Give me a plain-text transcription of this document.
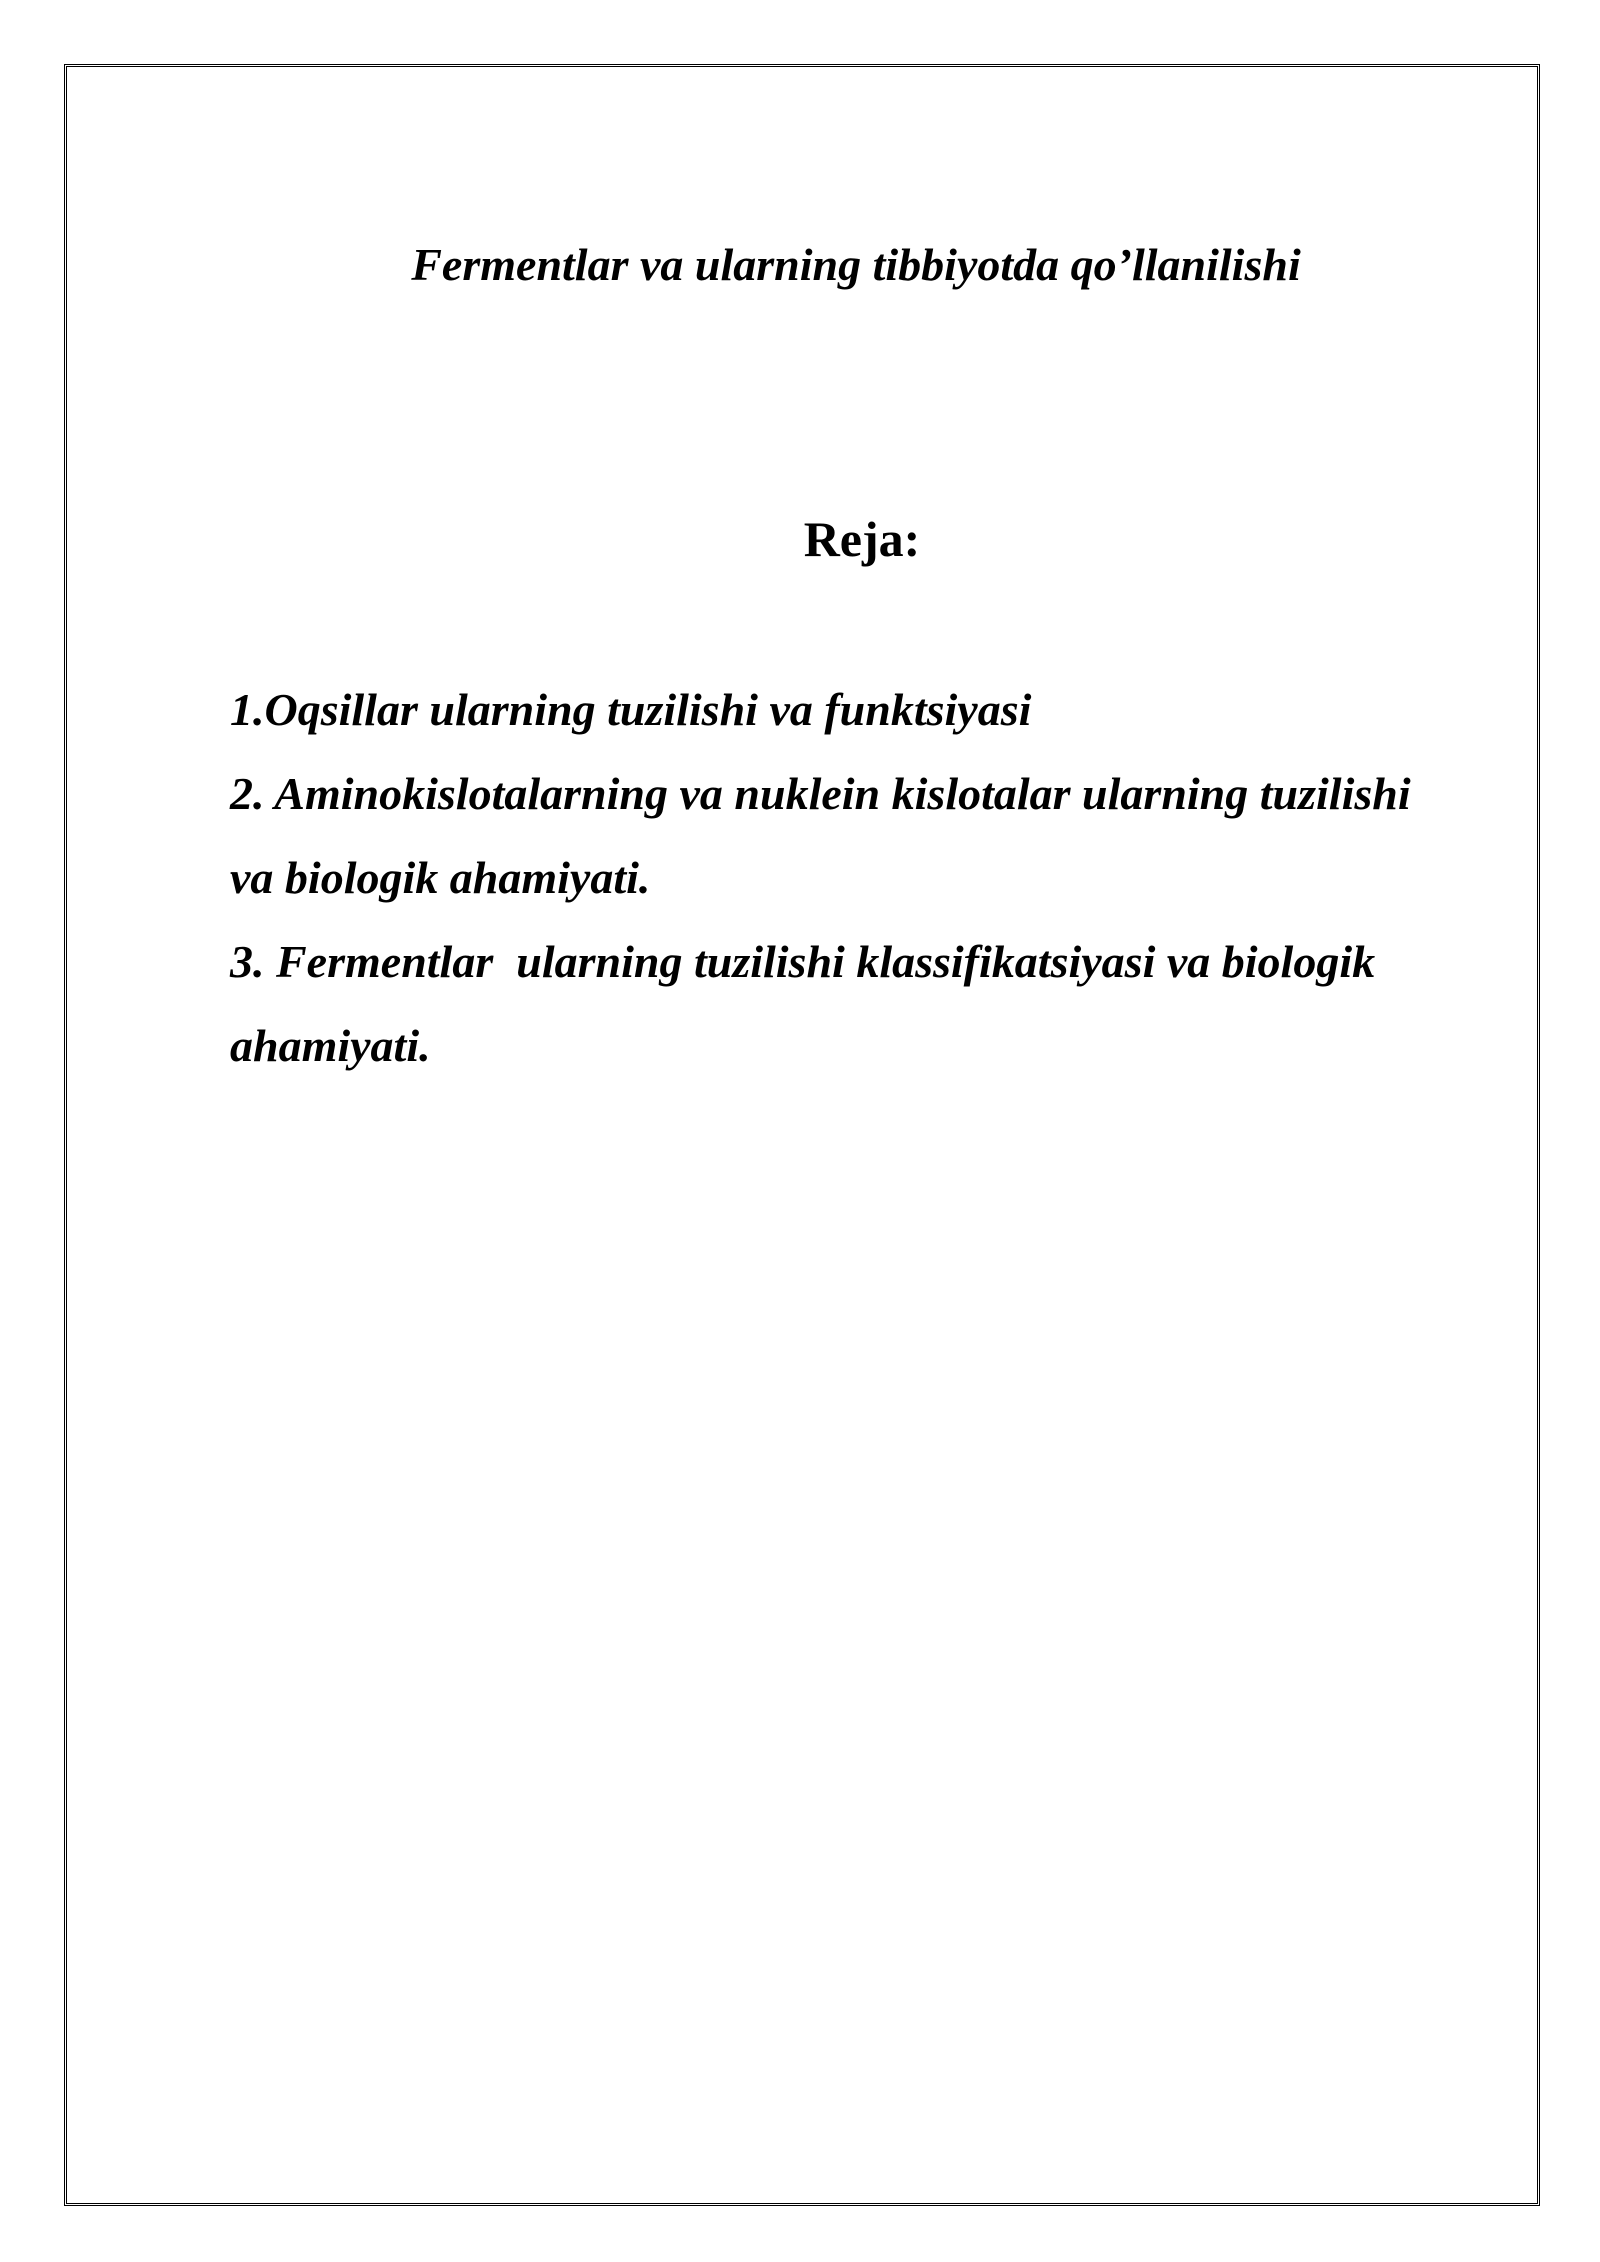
Fermentlar va ularning tibbiyotda qo’llanilishi
Reja:
1.Oqsillar ularning tuzilishi va funktsiyasi
2. Aminokislotalarning va nuklein kislotalar ularning tuzilishi
va biologik ahamiyati.
3. Fermentlar  ularning tuzilishi klassifikatsiyasi va biologik
ahamiyati.
